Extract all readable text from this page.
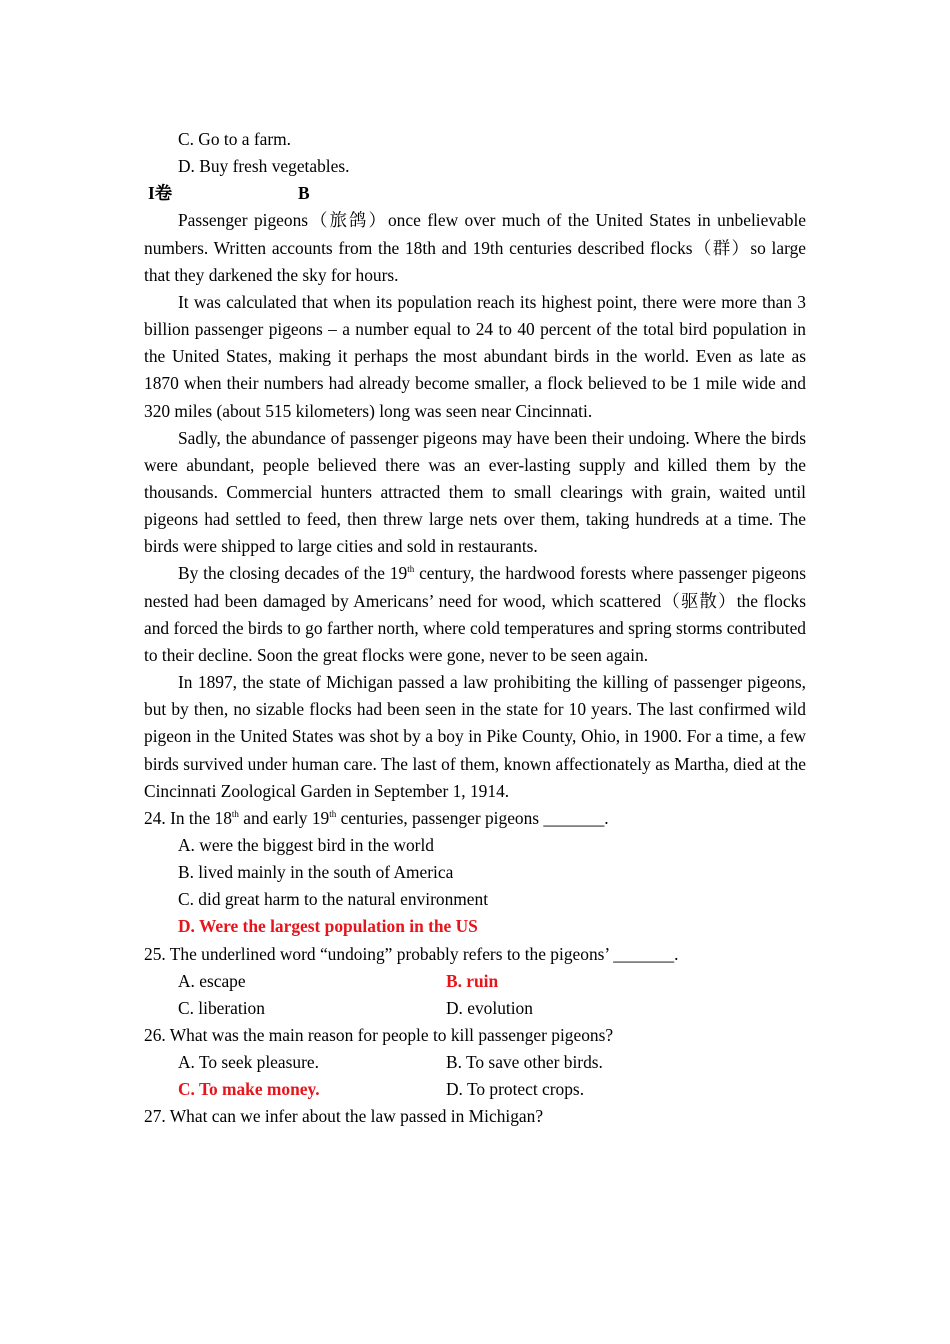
C. Go to a farm.
D. Buy fresh vegetables.
I卷	B

Passenger pigeons（旅鸽）once flew over much of the United States in unbelievable numbers. Written accounts from the 18th and 19th centuries described flocks（群）so large that they darkened the sky for hours.

It was calculated that when its population reach its highest point, there were more than 3 billion passenger pigeons – a number equal to 24 to 40 percent of the total bird population in the United States, making it perhaps the most abundant birds in the world. Even as late as 1870 when their numbers had already become smaller, a flock believed to be 1 mile wide and 320 miles (about 515 kilometers) long was seen near Cincinnati.

Sadly, the abundance of passenger pigeons may have been their undoing. Where the birds were abundant, people believed there was an ever-lasting supply and killed them by the thousands. Commercial hunters attracted them to small clearings with grain, waited until pigeons had settled to feed, then threw large nets over them, taking hundreds at a time. The birds were shipped to large cities and sold in restaurants.

By the closing decades of the 19th century, the hardwood forests where passenger pigeons nested had been damaged by Americans’ need for wood, which scattered（驱散）the flocks and forced the birds to go farther north, where cold temperatures and spring storms contributed to their decline. Soon the great flocks were gone, never to be seen again.

In 1897, the state of Michigan passed a law prohibiting the killing of passenger pigeons, but by then, no sizable flocks had been seen in the state for 10 years. The last confirmed wild pigeon in the United States was shot by a boy in Pike County, Ohio, in 1900. For a time, a few birds survived under human care. The last of them, known affectionately as Martha, died at the Cincinnati Zoological Garden in September 1, 1914.

24. In the 18th and early 19th centuries, passenger pigeons _______.
A. were the biggest bird in the world
B. lived mainly in the south of America
C. did great harm to the natural environment
D. Were the largest population in the US
25. The underlined word “undoing” probably refers to the pigeons’ _______.
A. escape	B. ruin
C. liberation	D. evolution
26. What was the main reason for people to kill passenger pigeons?
A. To seek pleasure.	B. To save other birds.
C. To make money.	D. To protect crops.
27. What can we infer about the law passed in Michigan?
